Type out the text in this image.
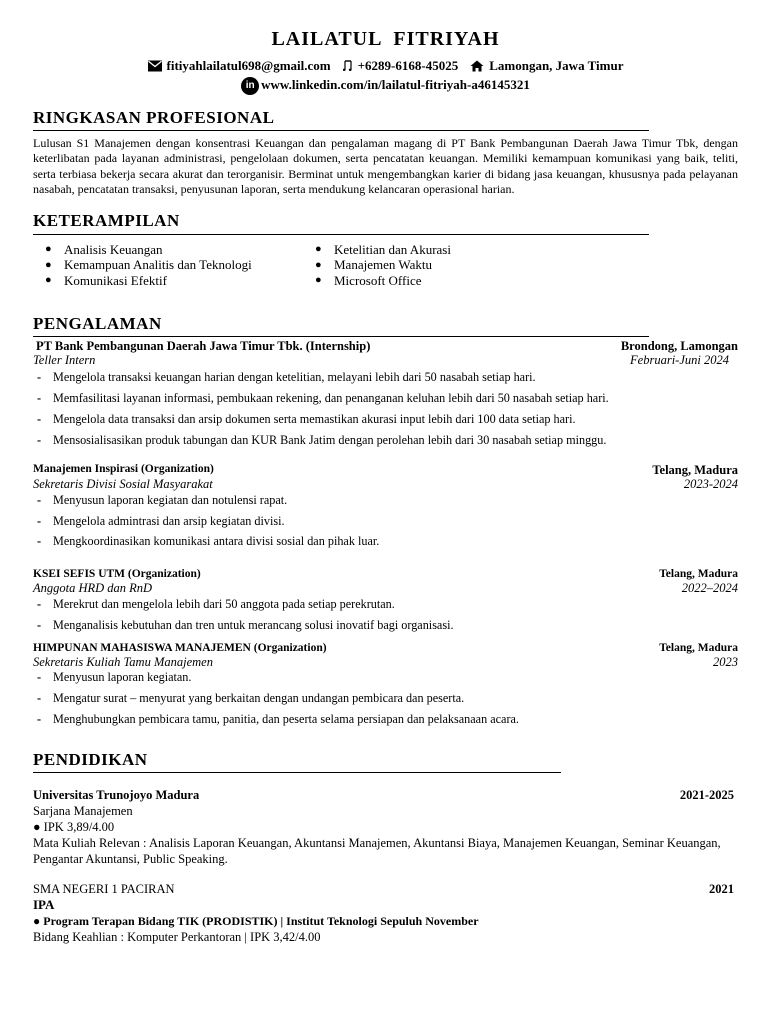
LAILATUL FITRIYAH
fitiyahlailatul698@gmail.com +6289-6168-45025 Lamongan, Jawa Timur
in www.linkedin.com/in/lailatul-fitriyah-a46145321
RINGKASAN PROFESIONAL

Lulusan S1 Manajemen dengan konsentrasi Keuangan dan pengalaman magang di PT Bank Pembangunan Daerah Jawa Timur Tbk, dengan keterlibatan pada layanan administrasi, pengelolaan dokumen, serta pencatatan keuangan. Memiliki kemampuan komunikasi yang baik, teliti, serta terbiasa bekerja secara akurat dan terorganisir. Berminat untuk mengembangkan karier di bidang jasa keuangan, khususnya pada pelayanan nasabah, pencatatan transaksi, penyusunan laporan, serta mendukung kelancaran operasional harian.

KETERAMPILAN
● Analisis Keuangan	● Ketelitian dan Akurasi
● Kemampuan Analitis dan Teknologi	● Manajemen Waktu
● Komunikasi Efektif	● Microsoft Office
PENGALAMAN
PT Bank Pembangunan Daerah Jawa Timur Tbk. (Internship)	Brondong, Lamongan
Teller Intern	Februari-Juni 2024
- Mengelola transaksi keuangan harian dengan ketelitian, melayani lebih dari 50 nasabah setiap hari.
- Memfasilitasi layanan informasi, pembukaan rekening, dan penanganan keluhan lebih dari 50 nasabah setiap hari.
- Mengelola data transaksi dan arsip dokumen serta memastikan akurasi input lebih dari 100 data setiap hari.
- Mensosialisasikan produk tabungan dan KUR Bank Jatim dengan perolehan lebih dari 30 nasabah setiap minggu.
Manajemen Inspirasi (Organization)	Telang, Madura
Sekretaris Divisi Sosial Masyarakat	2023-2024
- Menyusun laporan kegiatan dan notulensi rapat.
- Mengelola admintrasi dan arsip kegiatan divisi.
- Mengkoordinasikan komunikasi antara divisi sosial dan pihak luar.
KSEI SEFIS UTM (Organization)	Telang, Madura
Anggota HRD dan RnD	2022–2024
- Merekrut dan mengelola lebih dari 50 anggota pada setiap perekrutan.
- Menganalisis kebutuhan dan tren untuk merancang solusi inovatif bagi organisasi.
HIMPUNAN MAHASISWA MANAJEMEN (Organization)	Telang, Madura
Sekretaris Kuliah Tamu Manajemen	2023
- Menyusun laporan kegiatan.
- Mengatur surat – menyurat yang berkaitan dengan undangan pembicara dan peserta.
- Menghubungkan pembicara tamu, panitia, dan peserta selama persiapan dan pelaksanaan acara.
PENDIDIKAN
Universitas Trunojoyo Madura	2021-2025
Sarjana Manajemen
● IPK 3,89/4.00
Mata Kuliah Relevan : Analisis Laporan Keuangan, Akuntansi Manajemen, Akuntansi Biaya, Manajemen Keuangan, Seminar Keuangan, Pengantar Akuntansi, Public Speaking.
SMA NEGERI 1 PACIRAN	2021
IPA
● Program Terapan Bidang TIK (PRODISTIK) | Institut Teknologi Sepuluh November
Bidang Keahlian : Komputer Perkantoran | IPK 3,42/4.00
